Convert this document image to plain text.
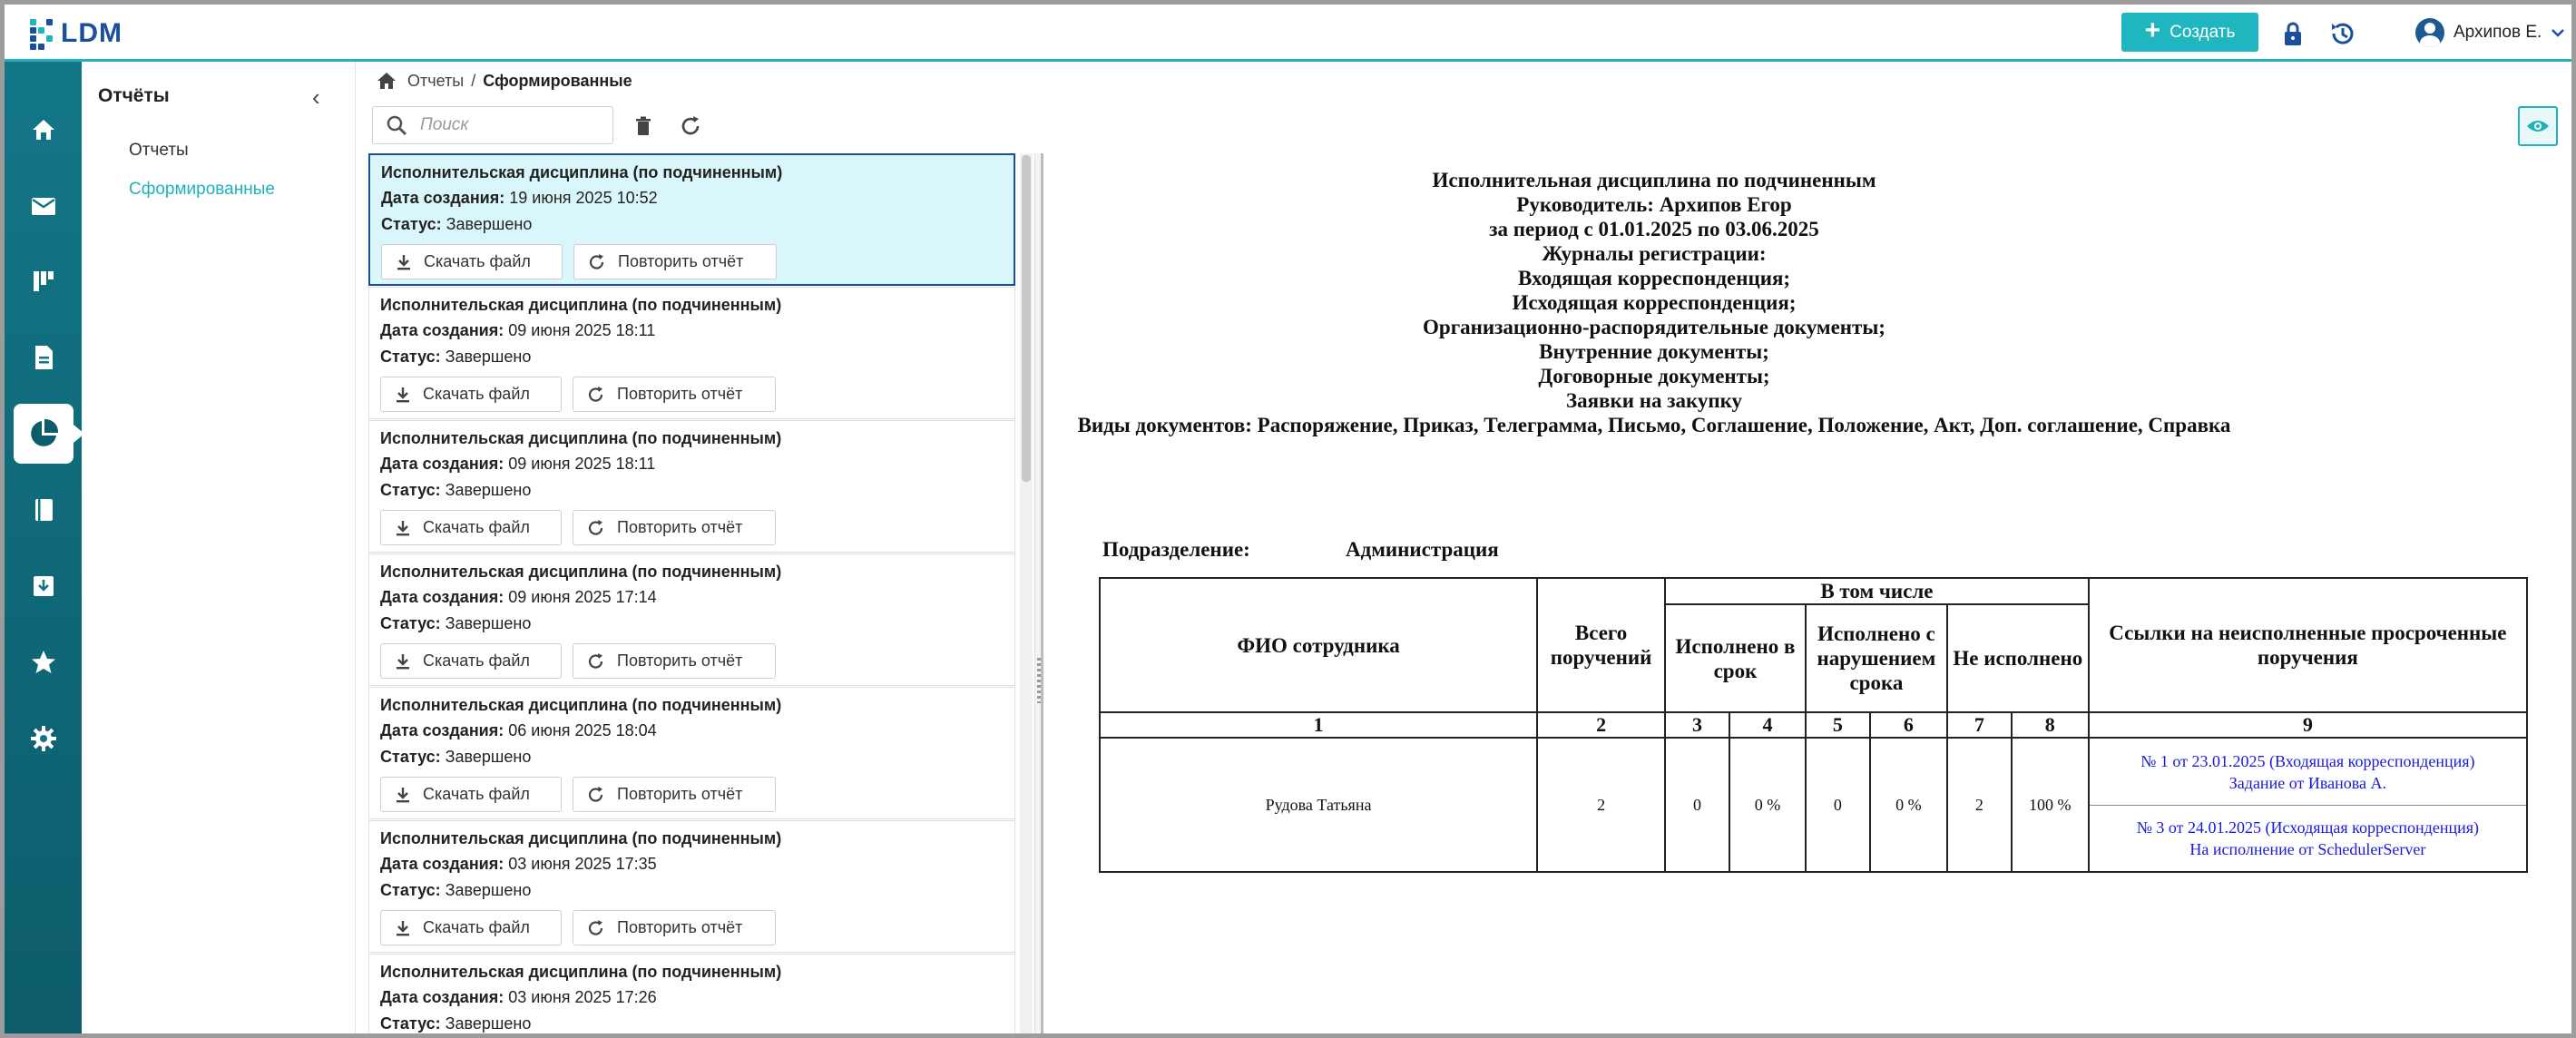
LDM	+ Создать	Архипов Е.
Отчёты	‹
Отчеты
Сформированные
Отчеты / Сформированные
Поиск
Исполнительская дисциплина (по подчиненным)
Дата создания: 19 июня 2025 10:52
Статус: Завершено
Скачать файл	Повторить отчёт
Исполнительская дисциплина (по подчиненным)
Дата создания: 09 июня 2025 18:11
Статус: Завершено
Скачать файл	Повторить отчёт
Исполнительская дисциплина (по подчиненным)
Дата создания: 09 июня 2025 18:11
Статус: Завершено
Скачать файл	Повторить отчёт
Исполнительская дисциплина (по подчиненным)
Дата создания: 09 июня 2025 17:14
Статус: Завершено
Скачать файл	Повторить отчёт
Исполнительская дисциплина (по подчиненным)
Дата создания: 06 июня 2025 18:04
Статус: Завершено
Скачать файл	Повторить отчёт
Исполнительская дисциплина (по подчиненным)
Дата создания: 03 июня 2025 17:35
Статус: Завершено
Скачать файл	Повторить отчёт
Исполнительская дисциплина (по подчиненным)
Дата создания: 03 июня 2025 17:26
Статус: Завершено
Исполнительная дисциплина по подчиненным
Руководитель: Архипов Егор
за период с 01.01.2025 по 03.06.2025
Журналы регистрации:
Входящая корреспонденция;
Исходящая корреспонденция;
Организационно-распорядительные документы;
Внутренние документы;
Договорные документы;
Заявки на закупку
Виды документов: Распоряжение, Приказ, Телеграмма, Письмо, Соглашение, Положение, Акт, Доп. соглашение, Справка
Подразделение:	Администрация
ФИО сотрудника	Всего поручений	В том числе						Ссылки на неисполненные просроченные поручения
		Исполнено в срок		Исполнено с нарушением срока		Не исполнено		
1	2	3	4	5	6	7	8	9
Рудова Татьяна	2	0	0 %	0	0 %	2	100 %	№ 1 от 23.01.2025 (Входящая корреспонденция)
Задание от Иванова А.
№ 3 от 24.01.2025 (Исходящая корреспонденция)
На исполнение от SchedulerServer
